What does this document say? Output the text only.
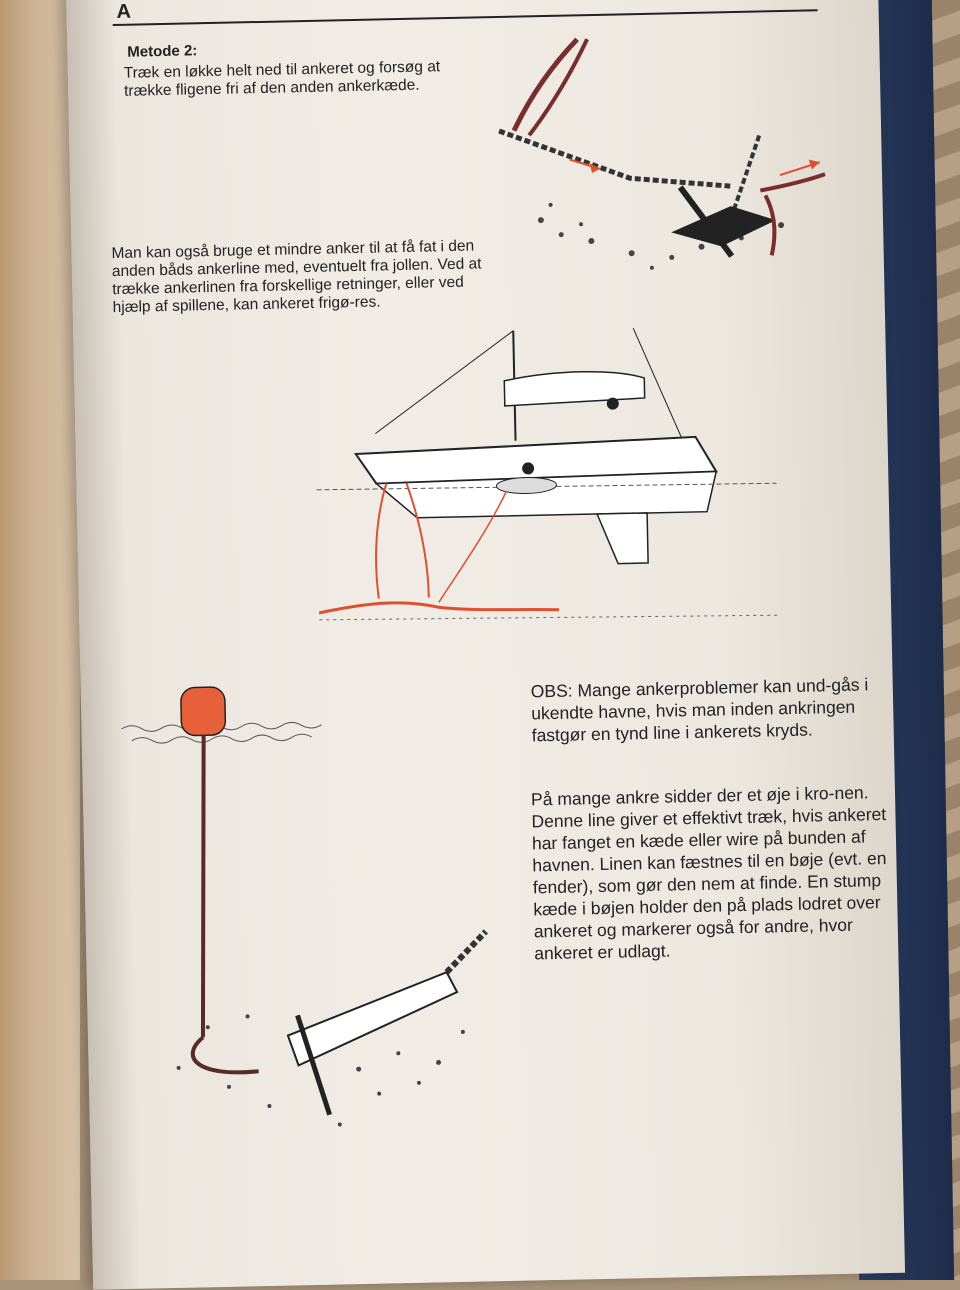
A
Metode 2:
Træk en løkke helt ned til ankeret og forsøg at trække fligene fri af den anden ankerkæde.
Man kan også bruge et mindre anker til at få fat i den anden båds ankerline med, eventuelt fra jollen. Ved at trække ankerlinen fra forskellige retninger, eller ved hjælp af spillene, kan ankeret frigø-res.
OBS: Mange ankerproblemer kan und-gås i ukendte havne, hvis man inden ankringen fastgør en tynd line i ankerets kryds.
På mange ankre sidder der et øje i kro-nen. Denne line giver et effektivt træk, hvis ankeret har fanget en kæde eller wire på bunden af havnen. Linen kan fæstnes til en bøje (evt. en fender), som gør den nem at finde. En stump kæde i bøjen holder den på plads lodret over ankeret og markerer også for andre, hvor ankeret er udlagt.
